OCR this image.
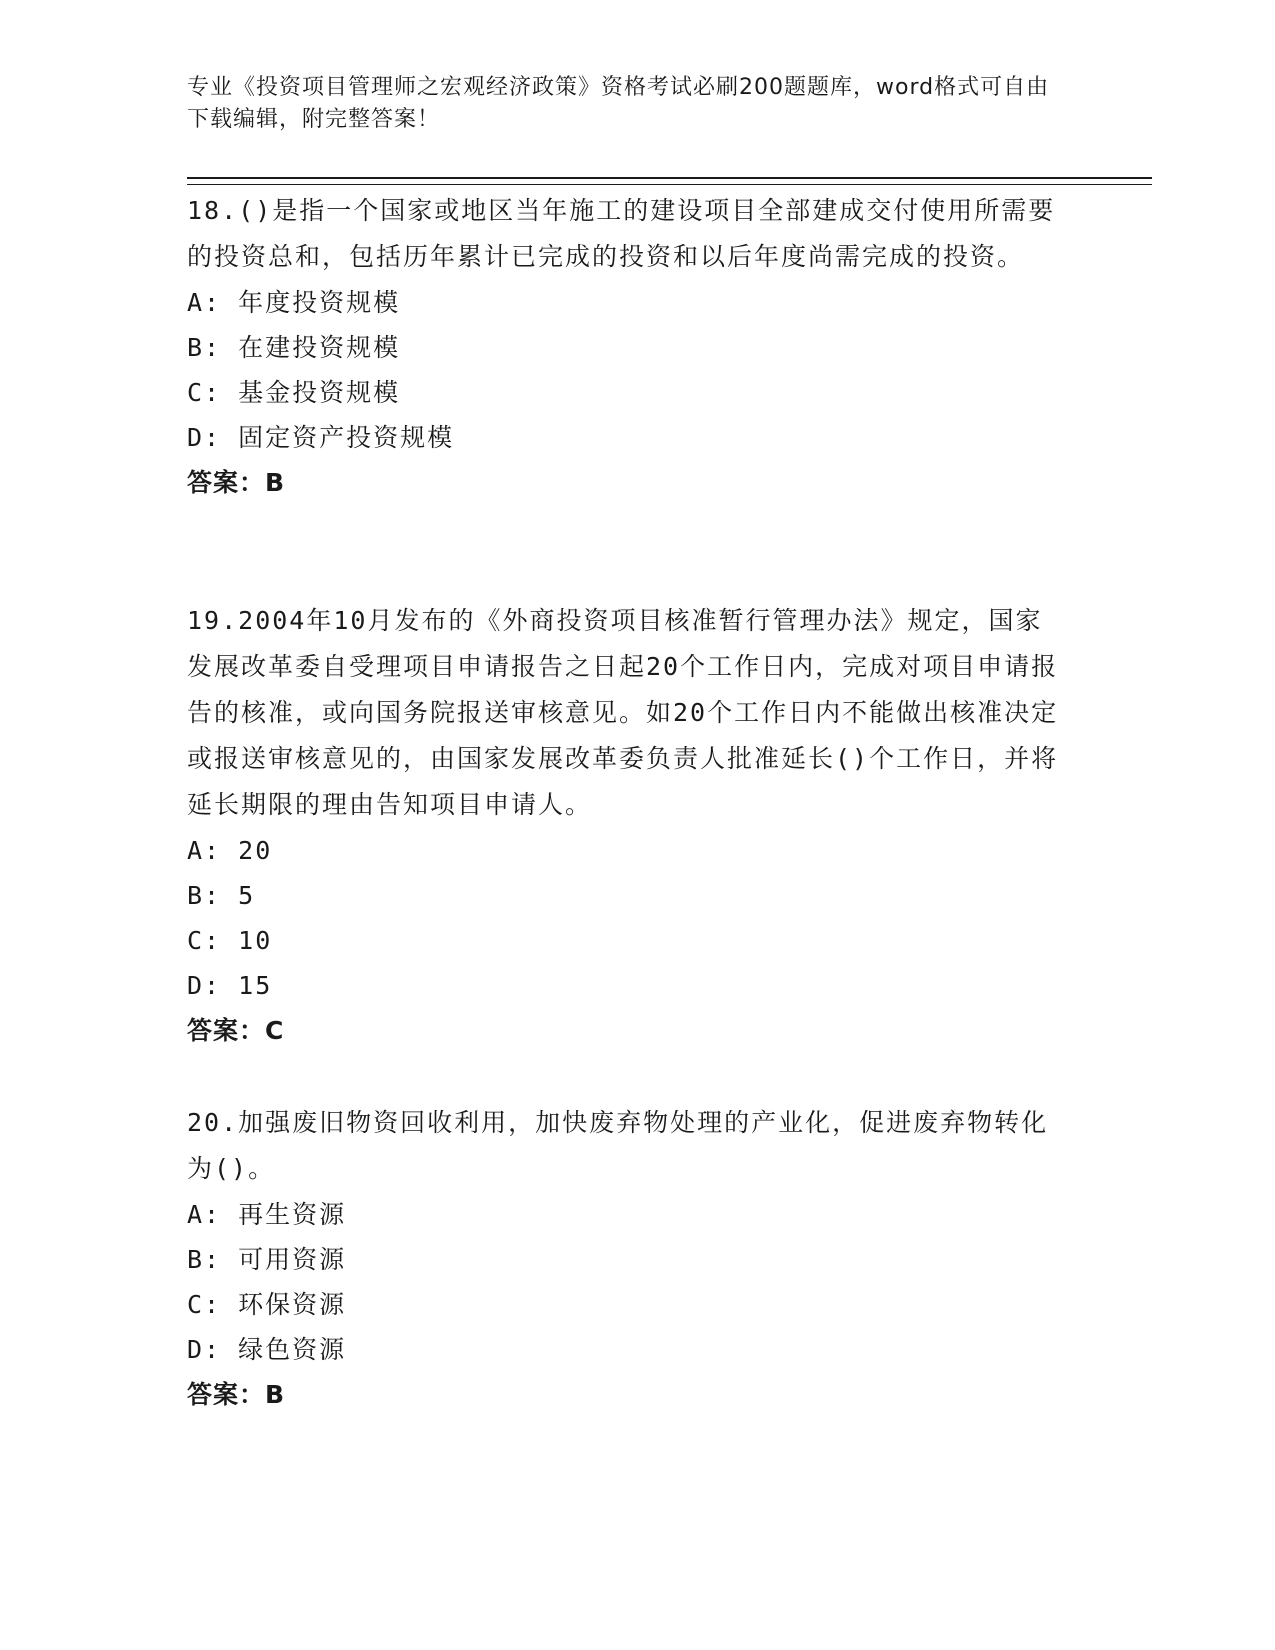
专业《投资项目管理师之宏观经济政策》资格考试必刷200题题库，word格式可自由下载编辑，附完整答案！

18.()是指一个国家或地区当年施工的建设项目全部建成交付使用所需要的投资总和，包括历年累计已完成的投资和以后年度尚需完成的投资。

A: 年度投资规模

B: 在建投资规模

C: 基金投资规模

D: 固定资产投资规模

答案：B

19.2004年10月发布的《外商投资项目核准暂行管理办法》规定，国家发展改革委自受理项目申请报告之日起20个工作日内，完成对项目申请报告的核准，或向国务院报送审核意见。如20个工作日内不能做出核准决定或报送审核意见的，由国家发展改革委负责人批准延长()个工作日，并将延长期限的理由告知项目申请人。

A: 20

B: 5

C: 10

D: 15

答案：C

20.加强废旧物资回收利用，加快废弃物处理的产业化，促进废弃物转化为()。

A: 再生资源

B: 可用资源

C: 环保资源

D: 绿色资源

答案：B
